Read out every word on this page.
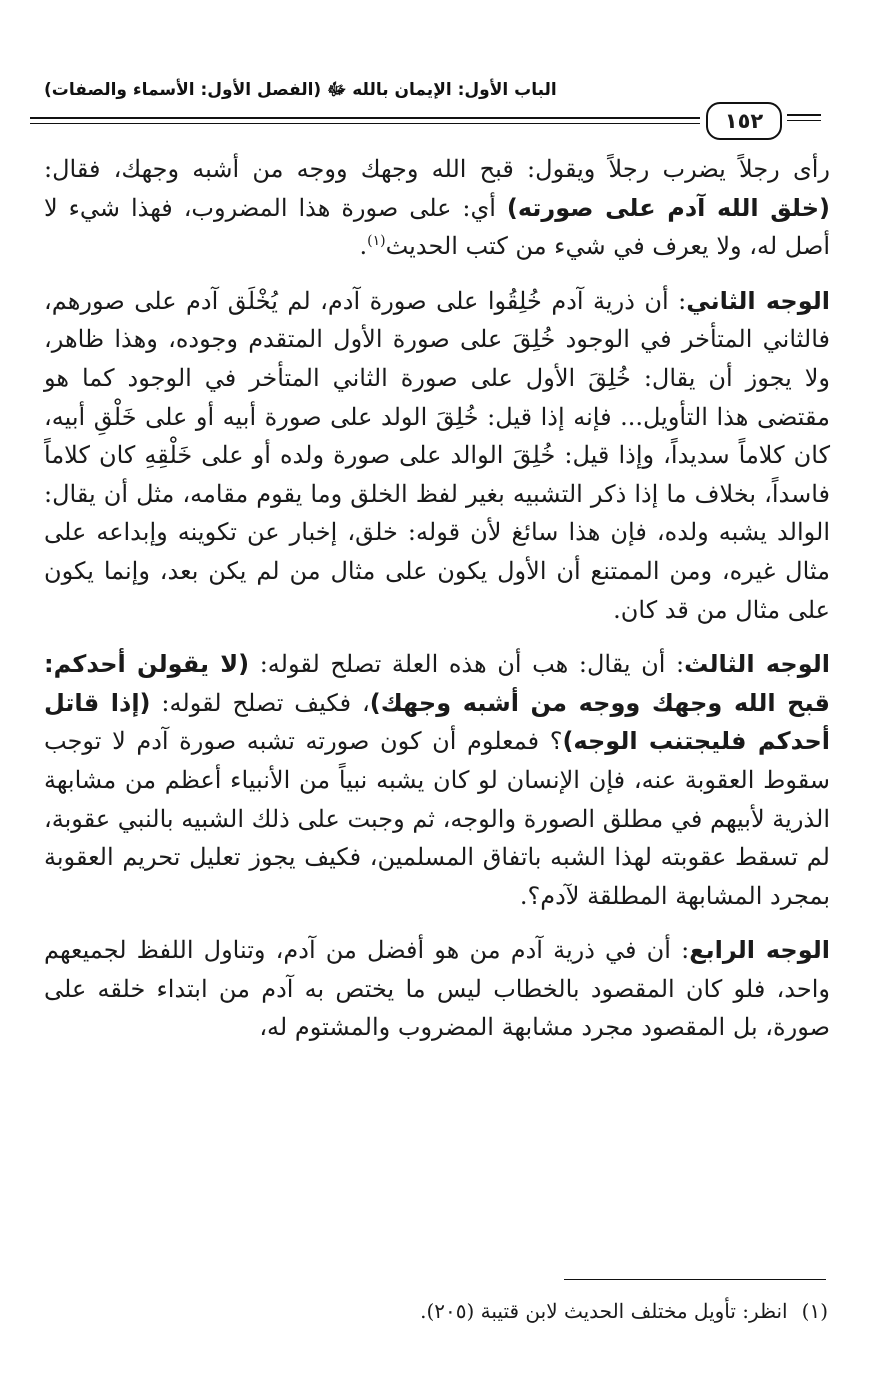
الباب الأول: الإيمان بالله ﷻ (الفصل الأول: الأسماء والصفات)
١٥٢

رأى رجلاً يضرب رجلاً ويقول: قبح الله وجهك ووجه من أشبه وجهك، فقال: (خلق الله آدم على صورته) أي: على صورة هذا المضروب، فهذا شيء لا أصل له، ولا يعرف في شيء من كتب الحديث$^{(١)}$.

الوجه الثاني: أن ذرية آدم خُلِقُوا على صورة آدم، لم يُخْلَق آدم على صورهم، فالثاني المتأخر في الوجود خُلِقَ على صورة الأول المتقدم وجوده، وهذا ظاهر، ولا يجوز أن يقال: خُلِقَ الأول على صورة الثاني المتأخر في الوجود كما هو مقتضى هذا التأويل... فإنه إذا قيل: خُلِقَ الولد على صورة أبيه أو على خَلْقِ أبيه، كان كلاماً سديداً، وإذا قيل: خُلِقَ الوالد على صورة ولده أو على خَلْقِهِ كان كلاماً فاسداً، بخلاف ما إذا ذكر التشبيه بغير لفظ الخلق وما يقوم مقامه، مثل أن يقال: الوالد يشبه ولده، فإن هذا سائغ لأن قوله: خلق، إخبار عن تكوينه وإبداعه على مثال غيره، ومن الممتنع أن الأول يكون على مثال من لم يكن بعد، وإنما يكون على مثال من قد كان.

الوجه الثالث: أن يقال: هب أن هذه العلة تصلح لقوله: (لا يقولن أحدكم: قبح الله وجهك ووجه من أشبه وجهك)، فكيف تصلح لقوله: (إذا قاتل أحدكم فليجتنب الوجه)؟ فمعلوم أن كون صورته تشبه صورة آدم لا توجب سقوط العقوبة عنه، فإن الإنسان لو كان يشبه نبياً من الأنبياء أعظم من مشابهة الذرية لأبيهم في مطلق الصورة والوجه، ثم وجبت على ذلك الشبيه بالنبي عقوبة، لم تسقط عقوبته لهذا الشبه باتفاق المسلمين، فكيف يجوز تعليل تحريم العقوبة بمجرد المشابهة المطلقة لآدم؟.

الوجه الرابع: أن في ذرية آدم من هو أفضل من آدم، وتناول اللفظ لجميعهم واحد، فلو كان المقصود بالخطاب ليس ما يختص به آدم من ابتداء خلقه على صورة، بل المقصود مجرد مشابهة المضروب والمشتوم له،

(١)انظر: تأويل مختلف الحديث لابن قتيبة (٢٠٥).
